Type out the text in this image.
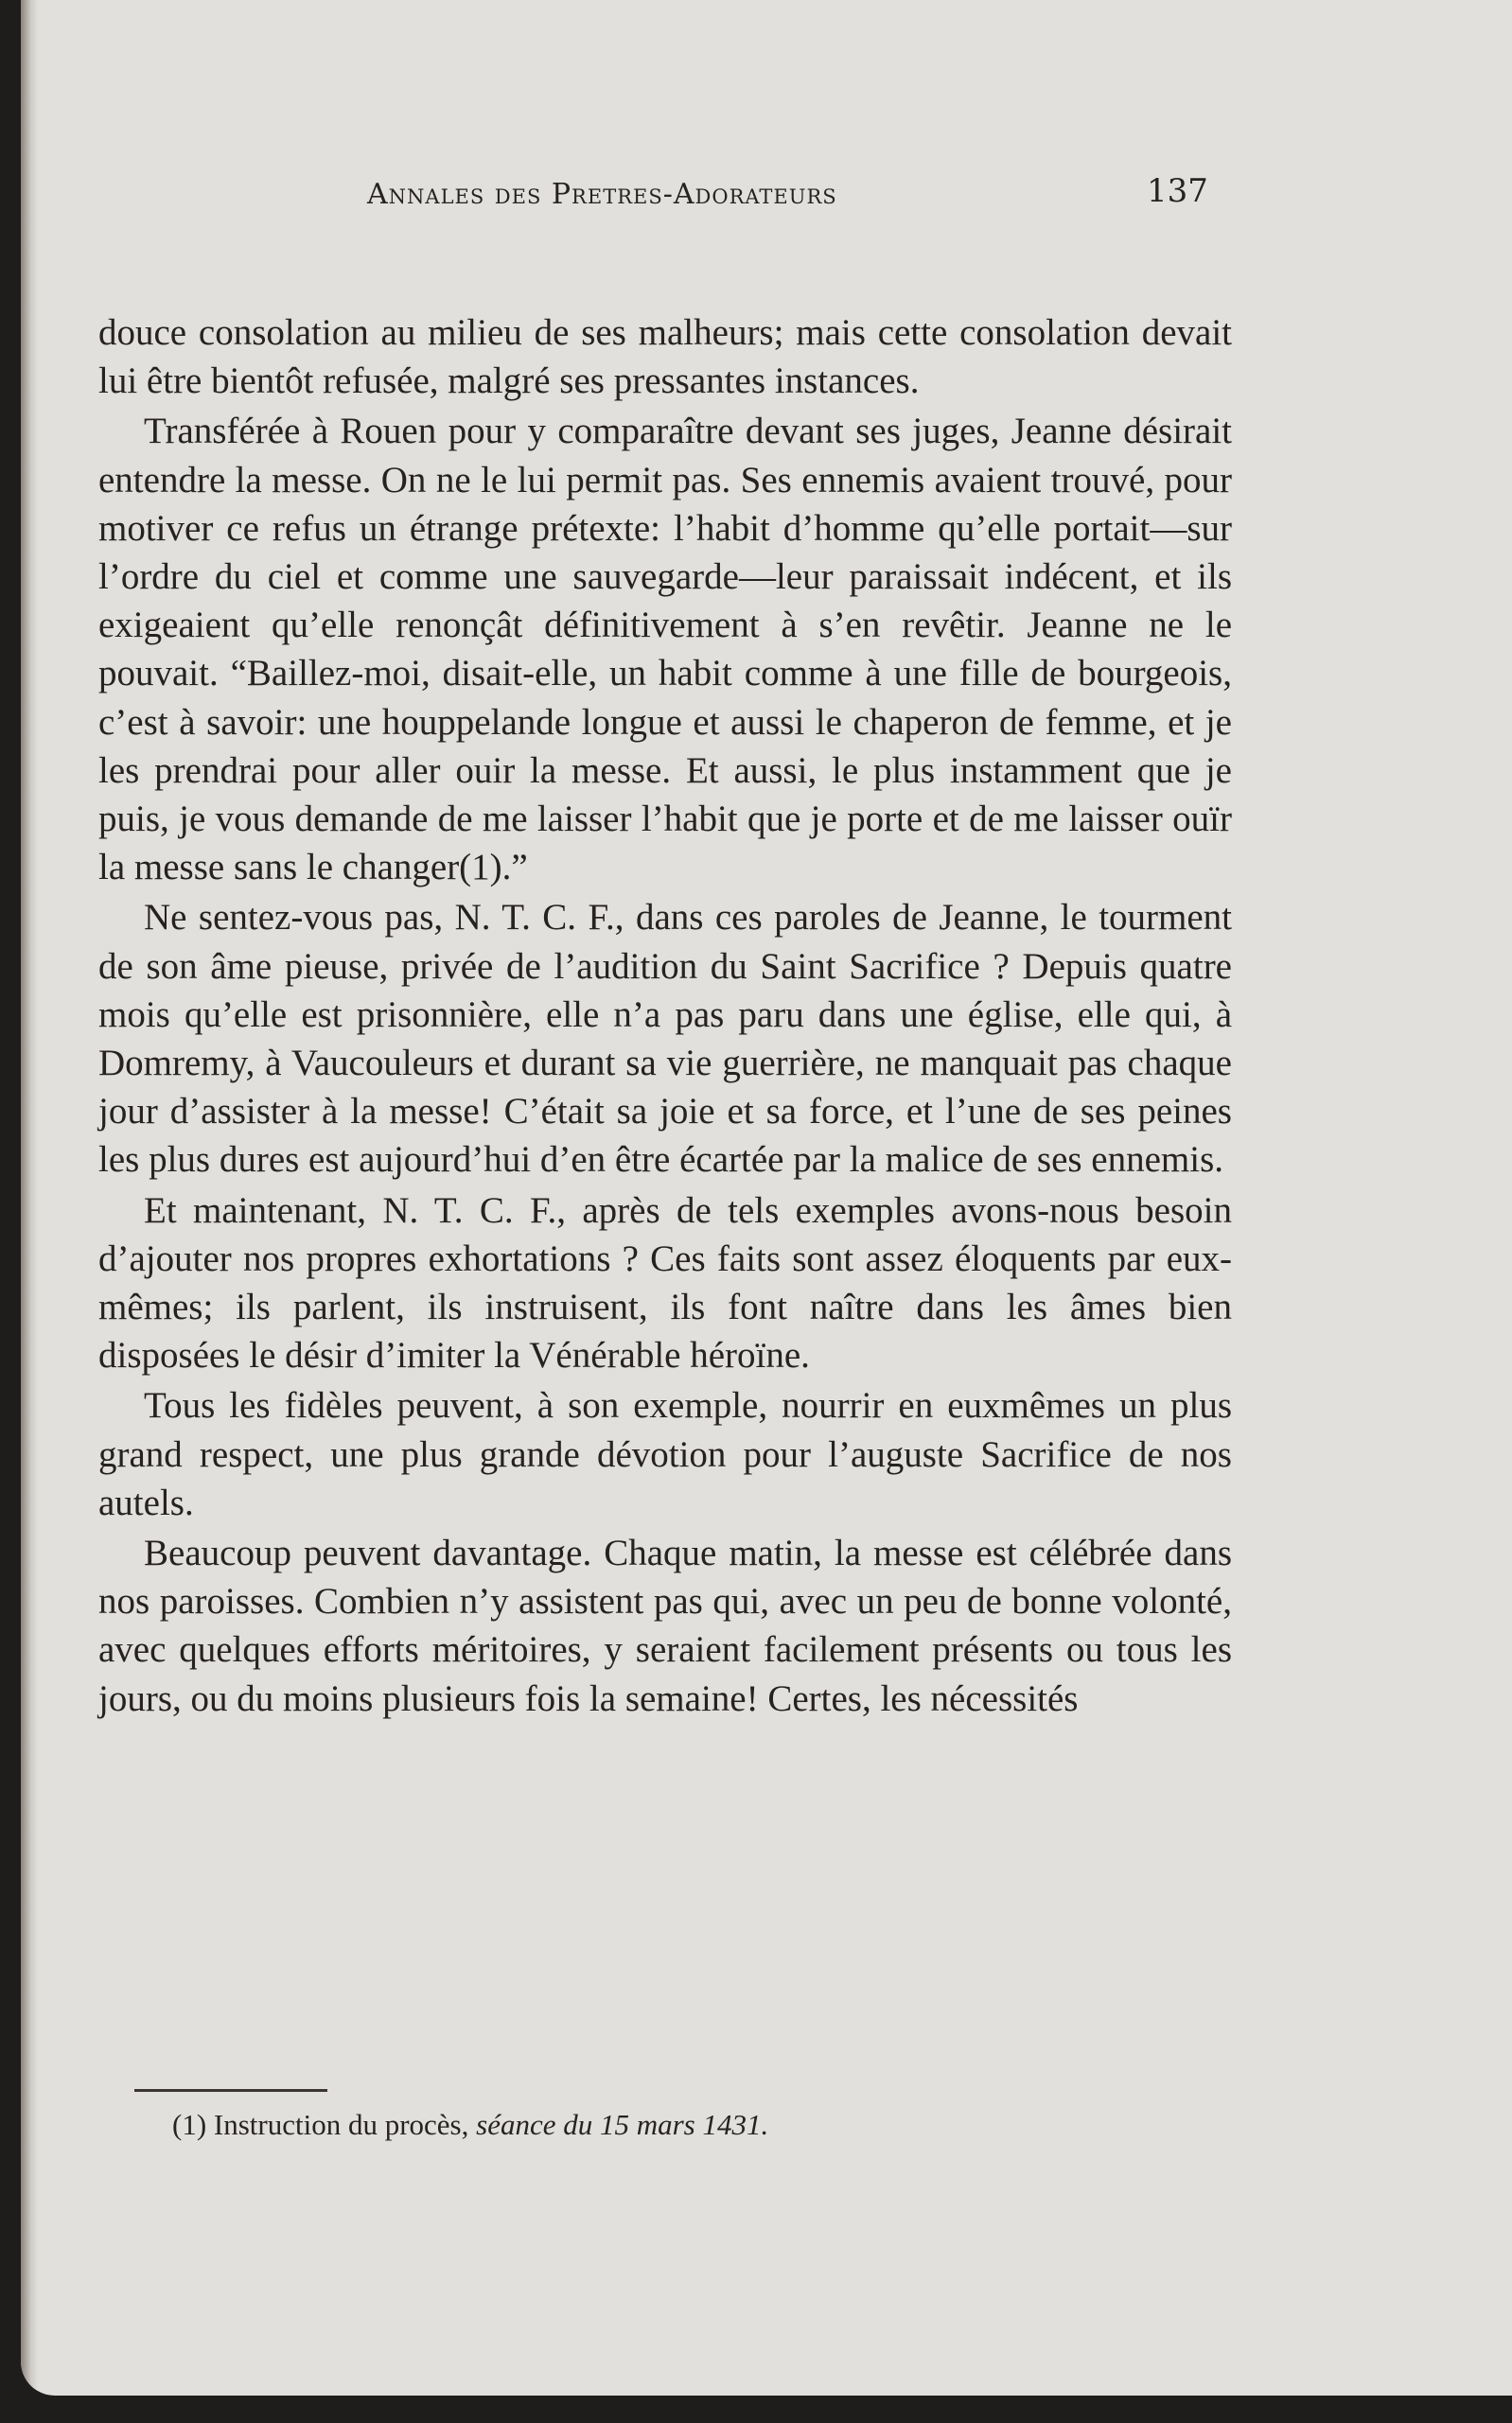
Annales des Pretres-Adorateurs	137

douce consolation au milieu de ses malheurs; mais cette consolation devait lui être bientôt refusée, malgré ses pressantes instances.

Transférée à Rouen pour y comparaître devant ses juges, Jeanne désirait entendre la messe. On ne le lui permit pas. Ses ennemis avaient trouvé, pour motiver ce refus un étrange prétexte: l’habit d’homme qu’elle portait—sur l’ordre du ciel et comme une sauvegarde—leur paraissait indécent, et ils exigeaient qu’elle renonçât définitivement à s’en revêtir. Jeanne ne le pouvait. “Baillez-moi, disait-elle, un habit comme à une fille de bourgeois, c’est à savoir: une houppelande longue et aussi le chaperon de femme, et je les prendrai pour aller ouir la messe. Et aussi, le plus instamment que je puis, je vous demande de me laisser l’habit que je porte et de me laisser ouïr la messe sans le changer(1).”

Ne sentez-vous pas, N. T. C. F., dans ces paroles de Jeanne, le tourment de son âme pieuse, privée de l’audition du Saint Sacrifice ? Depuis quatre mois qu’elle est prisonnière, elle n’a pas paru dans une église, elle qui, à Domremy, à Vaucouleurs et durant sa vie guerrière, ne manquait pas chaque jour d’assister à la messe! C’était sa joie et sa force, et l’une de ses peines les plus dures est aujourd’hui d’en être écartée par la malice de ses ennemis.

Et maintenant, N. T. C. F., après de tels exemples avons-nous besoin d’ajouter nos propres exhortations ? Ces faits sont assez éloquents par eux-mêmes; ils parlent, ils instruisent, ils font naître dans les âmes bien disposées le désir d’imiter la Vénérable héroïne.

Tous les fidèles peuvent, à son exemple, nourrir en euxmêmes un plus grand respect, une plus grande dévotion pour l’auguste Sacrifice de nos autels.

Beaucoup peuvent davantage. Chaque matin, la messe est célébrée dans nos paroisses. Combien n’y assistent pas qui, avec un peu de bonne volonté, avec quelques efforts méritoires, y seraient facilement présents ou tous les jours, ou du moins plusieurs fois la semaine! Certes, les nécessités

(1) Instruction du procès, séance du 15 mars 1431.
